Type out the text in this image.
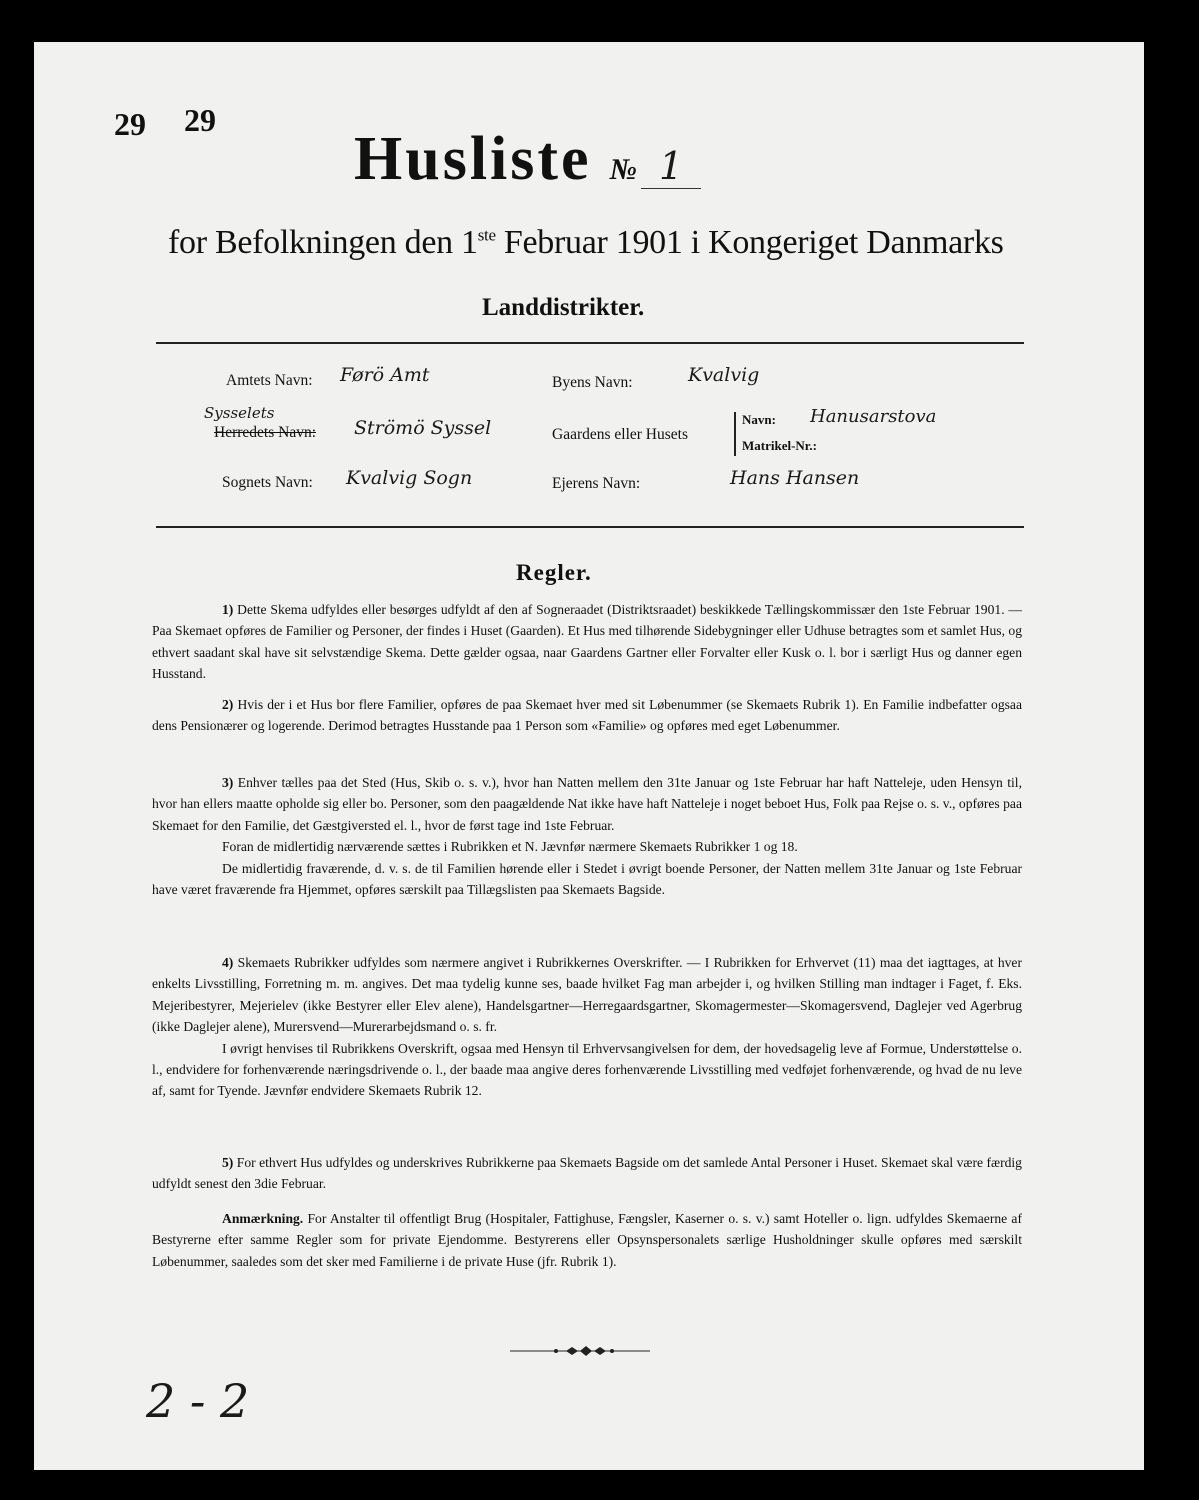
29 29
Husliste № 1
for Befolkningen den 1ste Februar 1901 i Kongeriget Danmarks
Landdistrikter.
Amtets Navn: Førö Amt
Sysselets
Herredets Navn: Strömö Syssel
Sognets Navn: Kvalvig Sogn
Byens Navn:	Kvalvig
Gaardens eller Husets
Navn: Hanusarstova
Matrikel-Nr.:
Ejerens Navn:	Hans Hansen
Regler.

1) Dette Skema udfyldes eller besørges udfyldt af den af Sogneraadet (Distriktsraadet) beskikkede Tællingskommissær den 1ste Februar 1901. — Paa Skemaet opføres de Familier og Personer, der findes i Huset (Gaarden). Et Hus med tilhørende Sidebygninger eller Udhuse betragtes som et samlet Hus, og ethvert saadant skal have sit selvstændige Skema. Dette gælder ogsaa, naar Gaardens Gartner eller Forvalter eller Kusk o. l. bor i særligt Hus og danner egen Husstand.

2) Hvis der i et Hus bor flere Familier, opføres de paa Skemaet hver med sit Løbenummer (se Skemaets Rubrik 1). En Familie indbefatter ogsaa dens Pensionærer og logerende. Derimod betragtes Husstande paa 1 Person som «Familie» og opføres med eget Løbenummer.

3) Enhver tælles paa det Sted (Hus, Skib o. s. v.), hvor han Natten mellem den 31te Januar og 1ste Februar har haft Natteleje, uden Hensyn til, hvor han ellers maatte opholde sig eller bo. Personer, som den paagældende Nat ikke have haft Natteleje i noget beboet Hus, Folk paa Rejse o. s. v., opføres paa Skemaet for den Familie, det Gæstgiversted el. l., hvor de først tage ind 1ste Februar.

Foran de midlertidig nærværende sættes i Rubrikken et N. Jævnfør nærmere Skemaets Rubrikker 1 og 18.

De midlertidig fraværende, d. v. s. de til Familien hørende eller i Stedet i øvrigt boende Personer, der Natten mellem 31te Januar og 1ste Februar have været fraværende fra Hjemmet, opføres særskilt paa Tillægslisten paa Skemaets Bagside.

4) Skemaets Rubrikker udfyldes som nærmere angivet i Rubrikkernes Overskrifter. — I Rubrikken for Erhvervet (11) maa det iagttages, at hver enkelts Livsstilling, Forretning m. m. angives. Det maa tydelig kunne ses, baade hvilket Fag man arbejder i, og hvilken Stilling man indtager i Faget, f. Eks. Mejeribestyrer, Mejerielev (ikke Bestyrer eller Elev alene), Handelsgartner—Herregaardsgartner, Skomagermester—Skomagersvend, Daglejer ved Agerbrug (ikke Daglejer alene), Murersvend—Murerarbejdsmand o. s. fr.

I øvrigt henvises til Rubrikkens Overskrift, ogsaa med Hensyn til Erhvervsangivelsen for dem, der hovedsagelig leve af Formue, Understøttelse o. l., endvidere for forhenværende næringsdrivende o. l., der baade maa angive deres forhenværende Livsstilling med vedføjet forhenværende, og hvad de nu leve af, samt for Tyende. Jævnfør endvidere Skemaets Rubrik 12.

5) For ethvert Hus udfyldes og underskrives Rubrikkerne paa Skemaets Bagside om det samlede Antal Personer i Huset. Skemaet skal være færdig udfyldt senest den 3die Februar.

Anmærkning. For Anstalter til offentligt Brug (Hospitaler, Fattighuse, Fængsler, Kaserner o. s. v.) samt Hoteller o. lign. udfyldes Skemaerne af Bestyrerne efter samme Regler som for private Ejendomme. Bestyrerens eller Opsynspersonalets særlige Husholdninger skulle opføres med særskilt Løbenummer, saaledes som det sker med Familierne i de private Huse (jfr. Rubrik 1).

2 - 2
